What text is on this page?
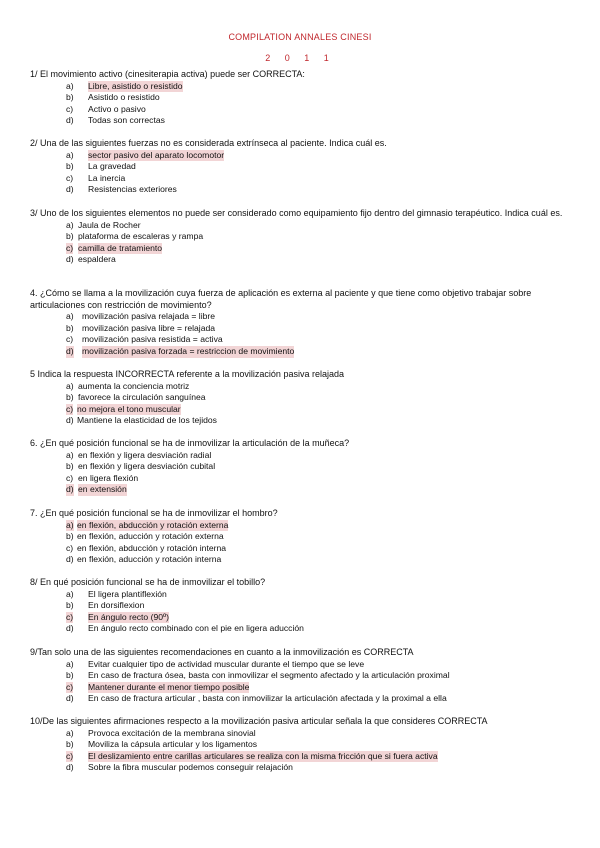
COMPILATION ANNALES CINESI
2 0 1 1

1/ El movimiento activo (cinesiterapia activa) puede ser CORRECTA:

a) Libre, asistido o resistido
b) Asistido o resistido
c) Activo o pasivo
d) Todas son correctas

2/ Una de las siguientes fuerzas no es considerada extrínseca al paciente. Indica cuál es.

a) sector pasivo del aparato locomotor
b) La gravedad
c) La inercia
d) Resistencias exteriores

3/ Uno de los siguientes elementos no puede ser considerado como equipamiento fijo dentro del gimnasio terapéutico. Indica cuál es.

a) Jaula de Rocher
b) plataforma de escaleras y rampa
c) camilla de tratamiento
d) espaldera

4. ¿Cómo se llama a la movilización cuya fuerza de aplicación es externa al paciente y que tiene como objetivo trabajar sobre articulaciones con restricción de movimiento?

a) movilización pasiva relajada = libre
b) movilización pasiva libre = relajada
c) movilización pasiva resistida = activa
d) movilización pasiva forzada = restriccion de movimiento

5 Indica la respuesta INCORRECTA referente a la movilización pasiva relajada

a) aumenta la conciencia motriz
b) favorece la circulación sanguínea
c) no mejora el tono muscular
d) Mantiene la elasticidad de los tejidos

6. ¿En qué posición funcional se ha de inmovilizar la articulación de la muñeca?

a) en flexión y ligera desviación radial
b) en flexión y ligera desviación cubital
c) en ligera flexión
d) en extensión

7. ¿En qué posición funcional se ha de inmovilizar el hombro?

a) en flexión, abducción y rotación externa
b) en flexión, aducción y rotación externa
c) en flexión, abducción y rotación interna
d) en flexión, aducción y rotación interna

8/ En qué posición funcional se ha de inmovilizar el tobillo?

a) El ligera plantiflexión
b) En dorsiflexion
c) En ángulo recto (90º)
d) En ángulo recto combinado con el pie en ligera aducción

9/Tan solo una de las siguientes recomendaciones en cuanto a la inmovilización es CORRECTA

a) Evitar cualquier tipo de actividad muscular durante el tiempo que se leve
b) En caso de fractura ósea, basta con inmovilizar el segmento afectado y la articulación proximal
c) Mantener durante el menor tiempo posible
d) En caso de fractura articular , basta con inmovilizar la articulación afectada y la proximal a ella

10/De las siguientes afirmaciones respecto a la movilización pasiva articular señala la que consideres CORRECTA

a) Provoca excitación de la membrana sinovial
b) Moviliza la cápsula articular y los ligamentos
c) El deslizamiento entre carillas articulares se realiza con la misma fricción que si fuera activa
d) Sobre la fibra muscular podemos conseguir relajación
